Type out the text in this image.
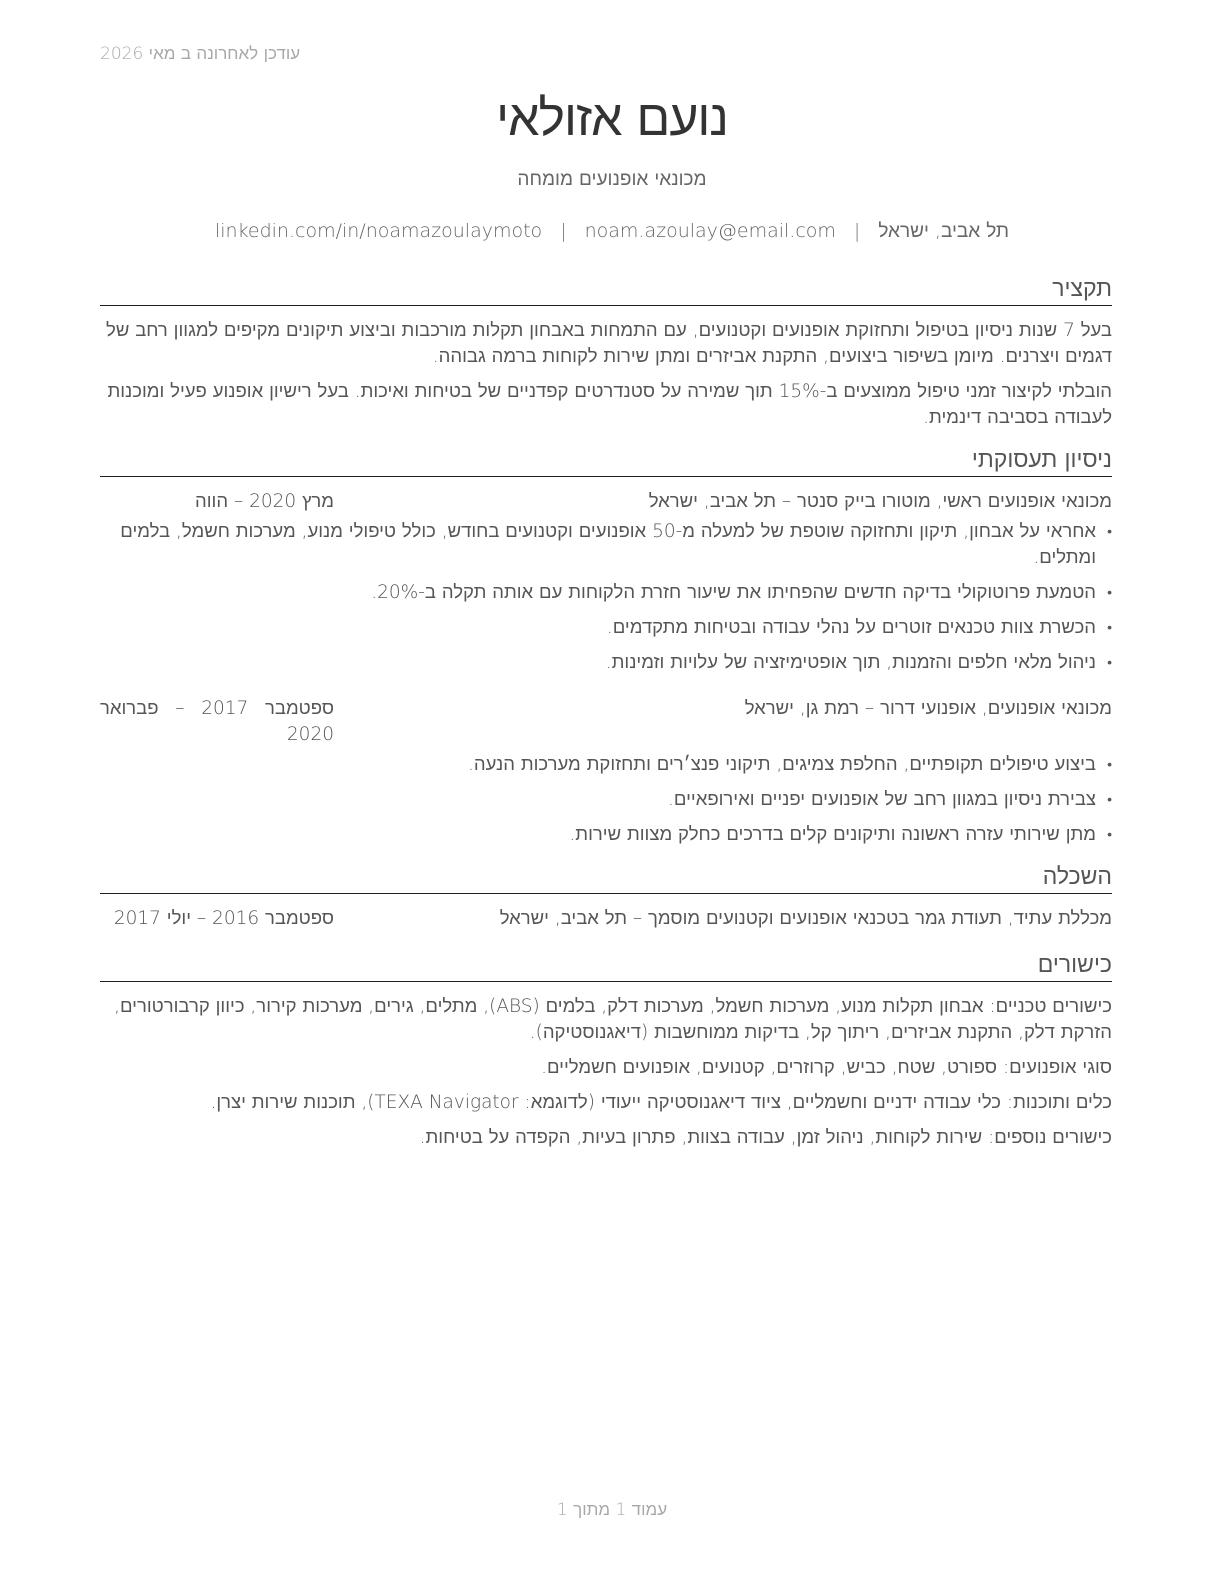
עודכן לאחרונה ב מאי 2026
נועם אזולאי
מכונאי אופנועים מומחה
תל אביב, ישראל
|
noam.azoulay@email.com
|
linkedin.com/in/noamazoulaymoto
תקציר

בעל 7 שנות ניסיון בטיפול ותחזוקת אופנועים וקטנועים, עם התמחות באבחון תקלות מורכבות וביצוע תיקונים מקיפים למגוון רחב של דגמים ויצרנים. מיומן בשיפור ביצועים, התקנת אביזרים ומתן שירות לקוחות ברמה גבוהה.

הובלתי לקיצור זמני טיפול ממוצעים ב-15% תוך שמירה על סטנדרטים קפדניים של בטיחות ואיכות. בעל רישיון אופנוע פעיל ומוכנות לעבודה בסביבה דינמית.

ניסיון תעסוקתי
מכונאי אופנועים ראשי, מוטורו בייק סנטר – תל אביב, ישראל
מרץ 2020 – הווה
• אחראי על אבחון, תיקון ותחזוקה שוטפת של למעלה מ-50 אופנועים וקטנועים בחודש, כולל טיפולי מנוע, מערכות חשמל, בלמים ומתלים.
• הטמעת פרוטוקולי בדיקה חדשים שהפחיתו את שיעור חזרת הלקוחות עם אותה תקלה ב-20%.
• הכשרת צוות טכנאים זוטרים על נהלי עבודה ובטיחות מתקדמים.
• ניהול מלאי חלפים והזמנות, תוך אופטימיזציה של עלויות וזמינות.
מכונאי אופנועים, אופנועי דרור – רמת גן, ישראל
ספטמבר 2017 – פברואר 2020
• ביצוע טיפולים תקופתיים, החלפת צמיגים, תיקוני פנצ׳רים ותחזוקת מערכות הנעה.
• צבירת ניסיון במגוון רחב של אופנועים יפניים ואירופאיים.
• מתן שירותי עזרה ראשונה ותיקונים קלים בדרכים כחלק מצוות שירות.
השכלה
מכללת עתיד, תעודת גמר בטכנאי אופנועים וקטנועים מוסמך – תל אביב, ישראל
ספטמבר 2016 – יולי 2017
כישורים

כישורים טכניים: אבחון תקלות מנוע, מערכות חשמל, מערכות דלק, בלמים (ABS), מתלים, גירים, מערכות קירור, כיוון קרבורטורים, הזרקת דלק, התקנת אביזרים, ריתוך קל, בדיקות ממוחשבות (דיאגנוסטיקה).

סוגי אופנועים: ספורט, שטח, כביש, קרוזרים, קטנועים, אופנועים חשמליים.

כלים ותוכנות: כלי עבודה ידניים וחשמליים, ציוד דיאגנוסטיקה ייעודי (לדוגמא: TEXA Navigator), תוכנות שירות יצרן.

כישורים נוספים: שירות לקוחות, ניהול זמן, עבודה בצוות, פתרון בעיות, הקפדה על בטיחות.

עמוד 1 מתוך 1
